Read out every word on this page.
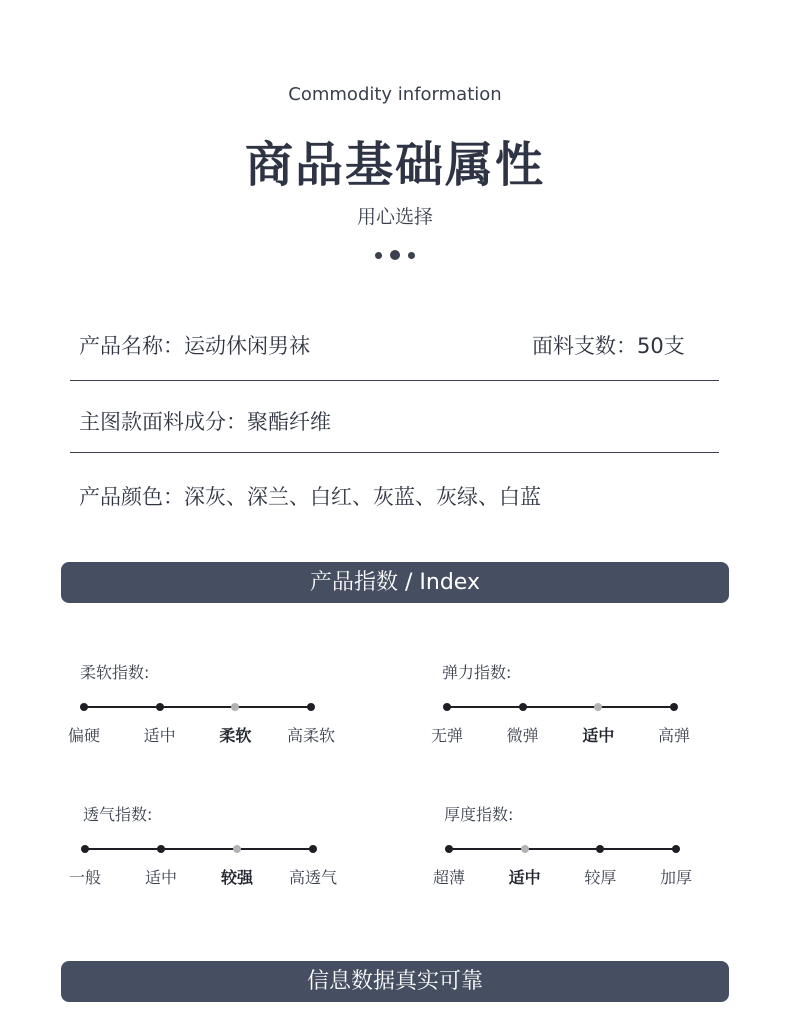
Commodity information
商品基础属性
用心选择
产品名称：运动休闲男袜	面料支数：50支
主图款面料成分：聚酯纤维
产品颜色：深灰、深兰、白红、灰蓝、灰绿、白蓝
产品指数 / Index
信息数据真实可靠
柔软指数:
偏硬	适中	柔软	高柔软
弹力指数:
无弹	微弹	适中	高弹
透气指数:
一般	适中	较强	高透气
厚度指数:
超薄	适中	较厚	加厚
